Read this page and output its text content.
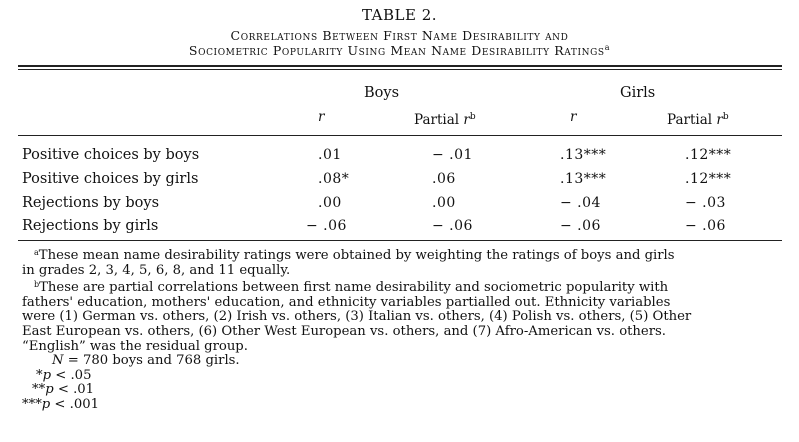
TABLE 2.
Correlations Between First Name Desirability and
Sociometric Popularity Using Mean Name Desirability Ratings$^a$
Boys	Girls
r	Partial $r^b$	r	Partial $r^b$
Positive choices by boys	.01	− .01	.13***	.12***
Positive choices by girls	.08*	.06	.13***	.12***
Rejections by boys	.00	.00	− .04	− .03
Rejections by girls	− .06	− .06	− .06	− .06

$^a$These mean name desirability ratings were obtained by weighting the ratings of boys and girls

in grades 2, 3, 4, 5, 6, 8, and 11 equally.

$^b$These are partial correlations between first name desirability and sociometric popularity with

fathers' education, mothers' education, and ethnicity variables partialled out. Ethnicity variables

were (1) German vs. others, (2) Irish vs. others, (3) Italian vs. others, (4) Polish vs. others, (5) Other

East European vs. others, (6) Other West European vs. others, and (7) Afro-American vs. others.

“English” was the residual group.

N = 780 boys and 768 girls.

*p < .05

**p < .01

***p < .001
